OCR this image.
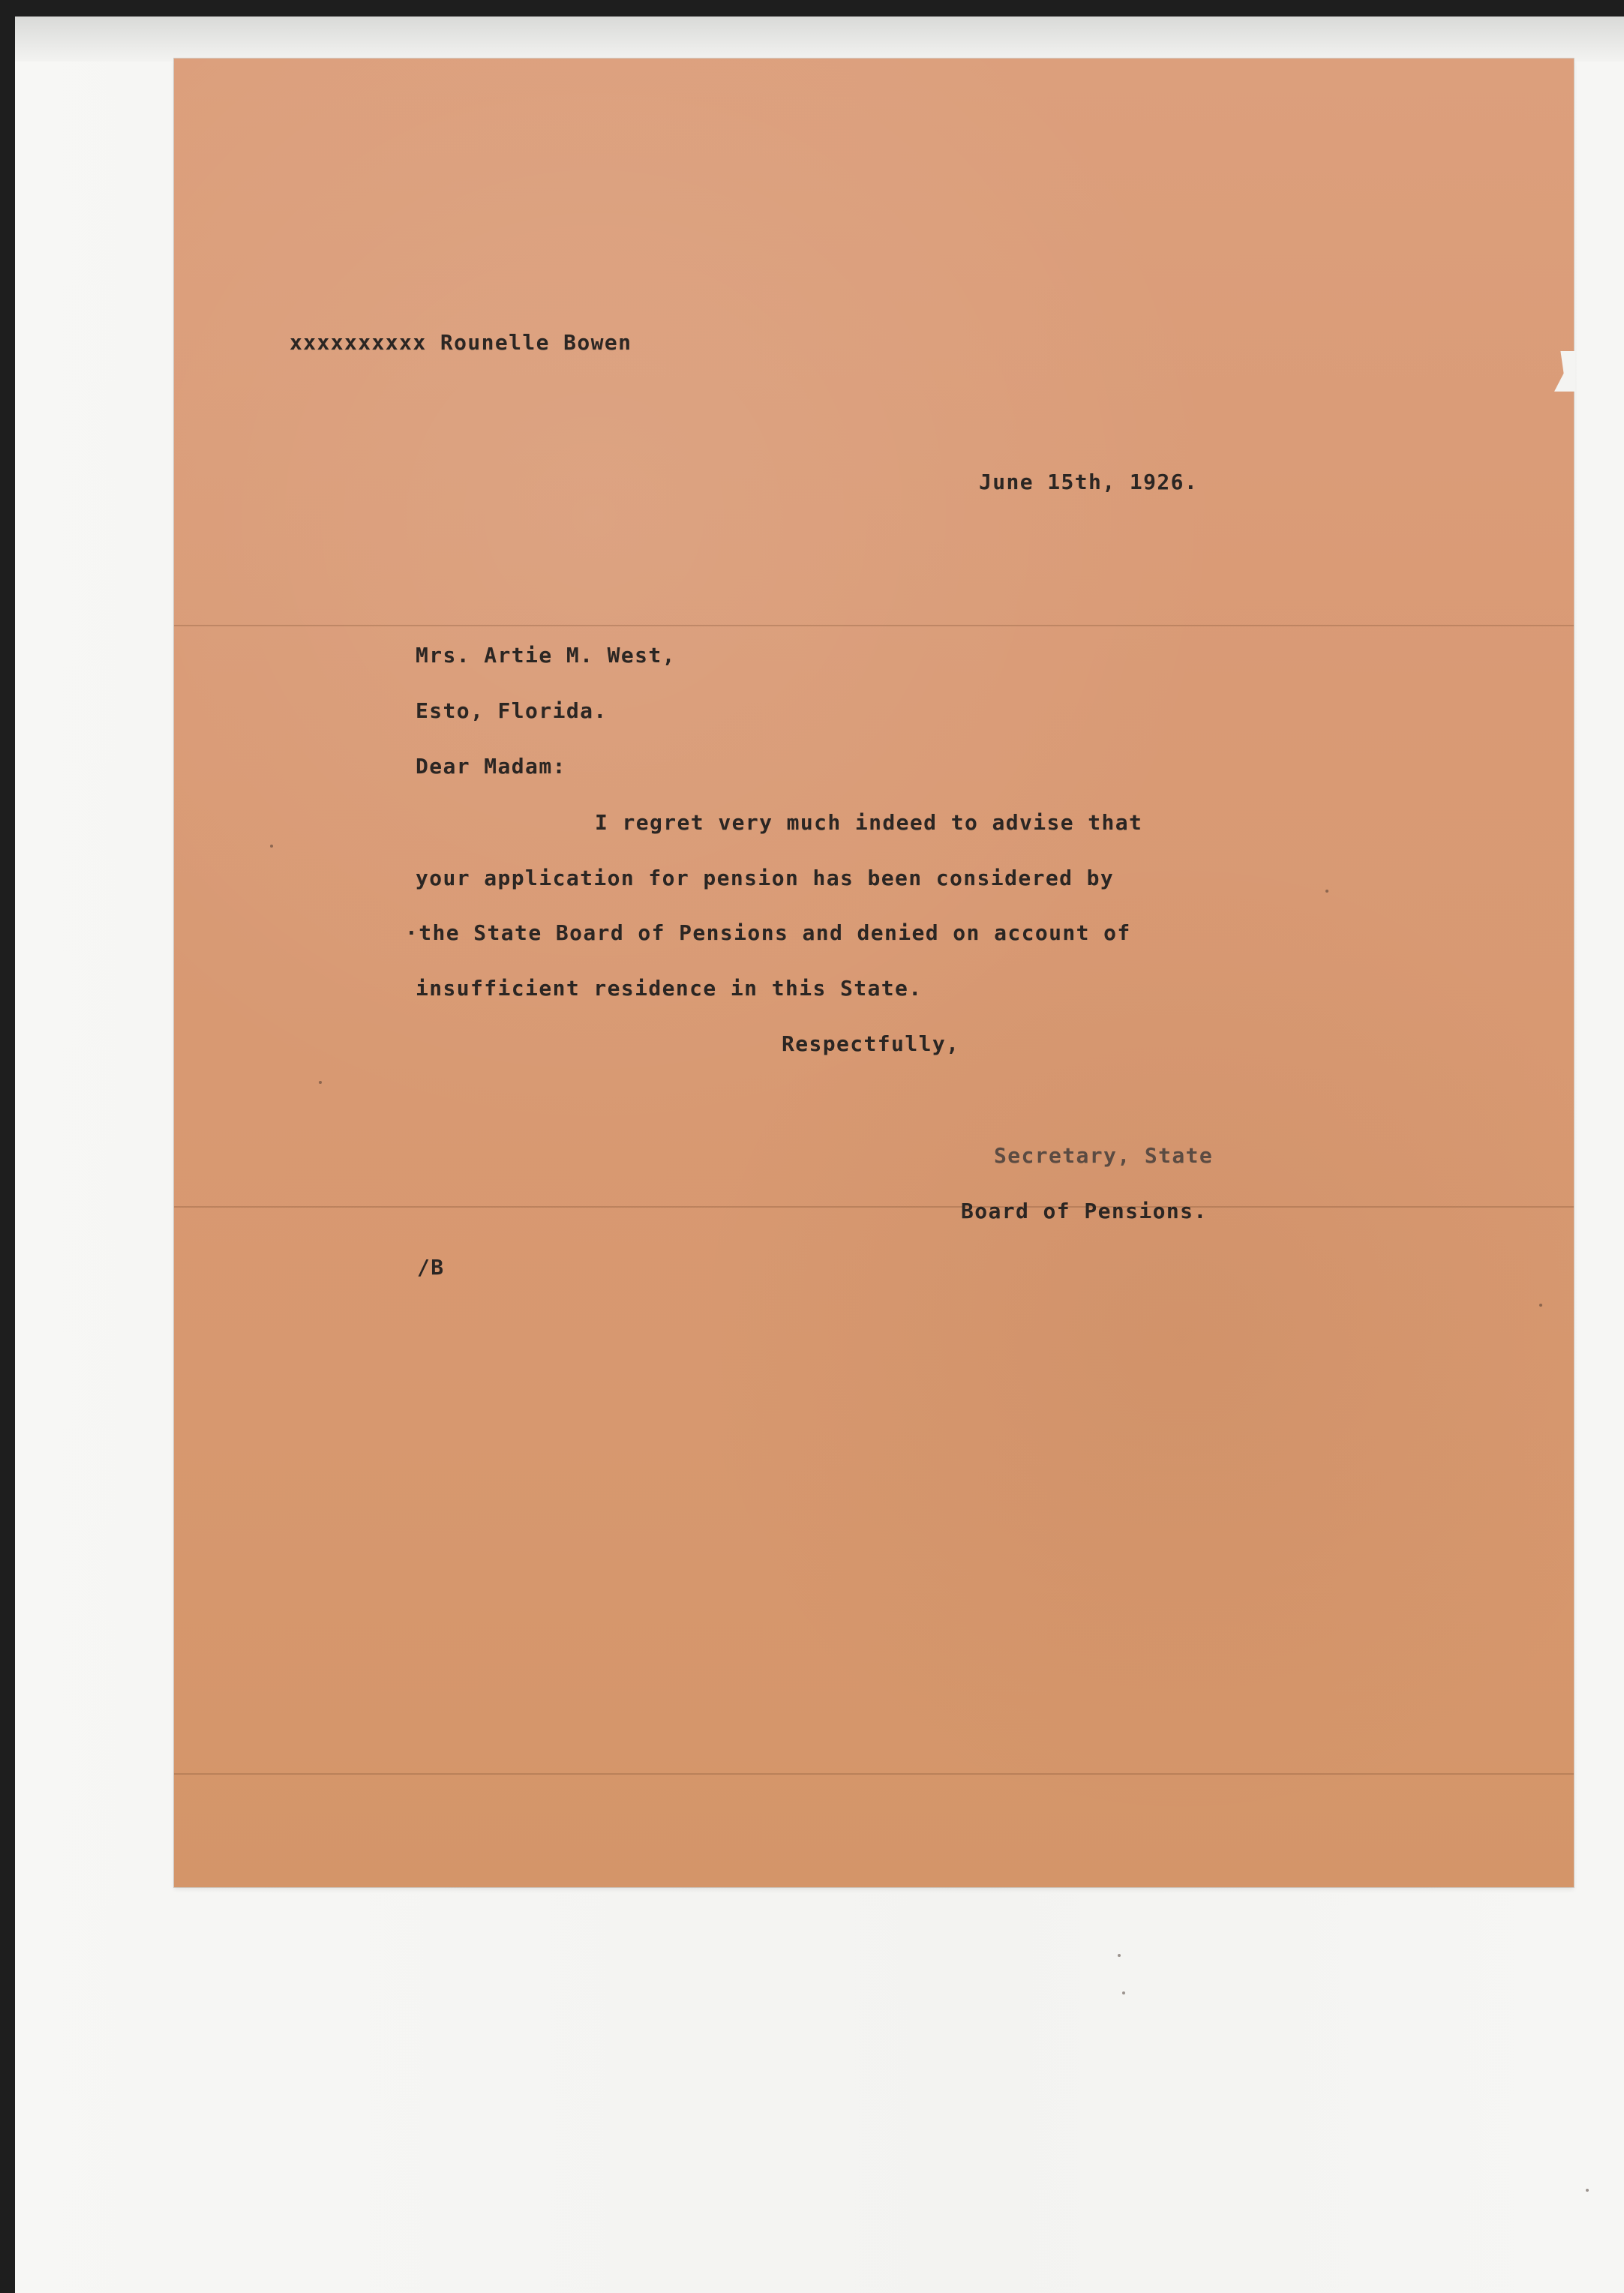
xxxxxxxxxx Rounelle Bowen
June 15th, 1926.
Mrs. Artie M. West,
Esto, Florida.
Dear Madam:
I regret very much indeed to advise that
your application for pension has been considered by
·the State Board of Pensions and denied on account of
insufficient residence in this State.
Respectfully,
Secretary, State
Board of Pensions.
/B
